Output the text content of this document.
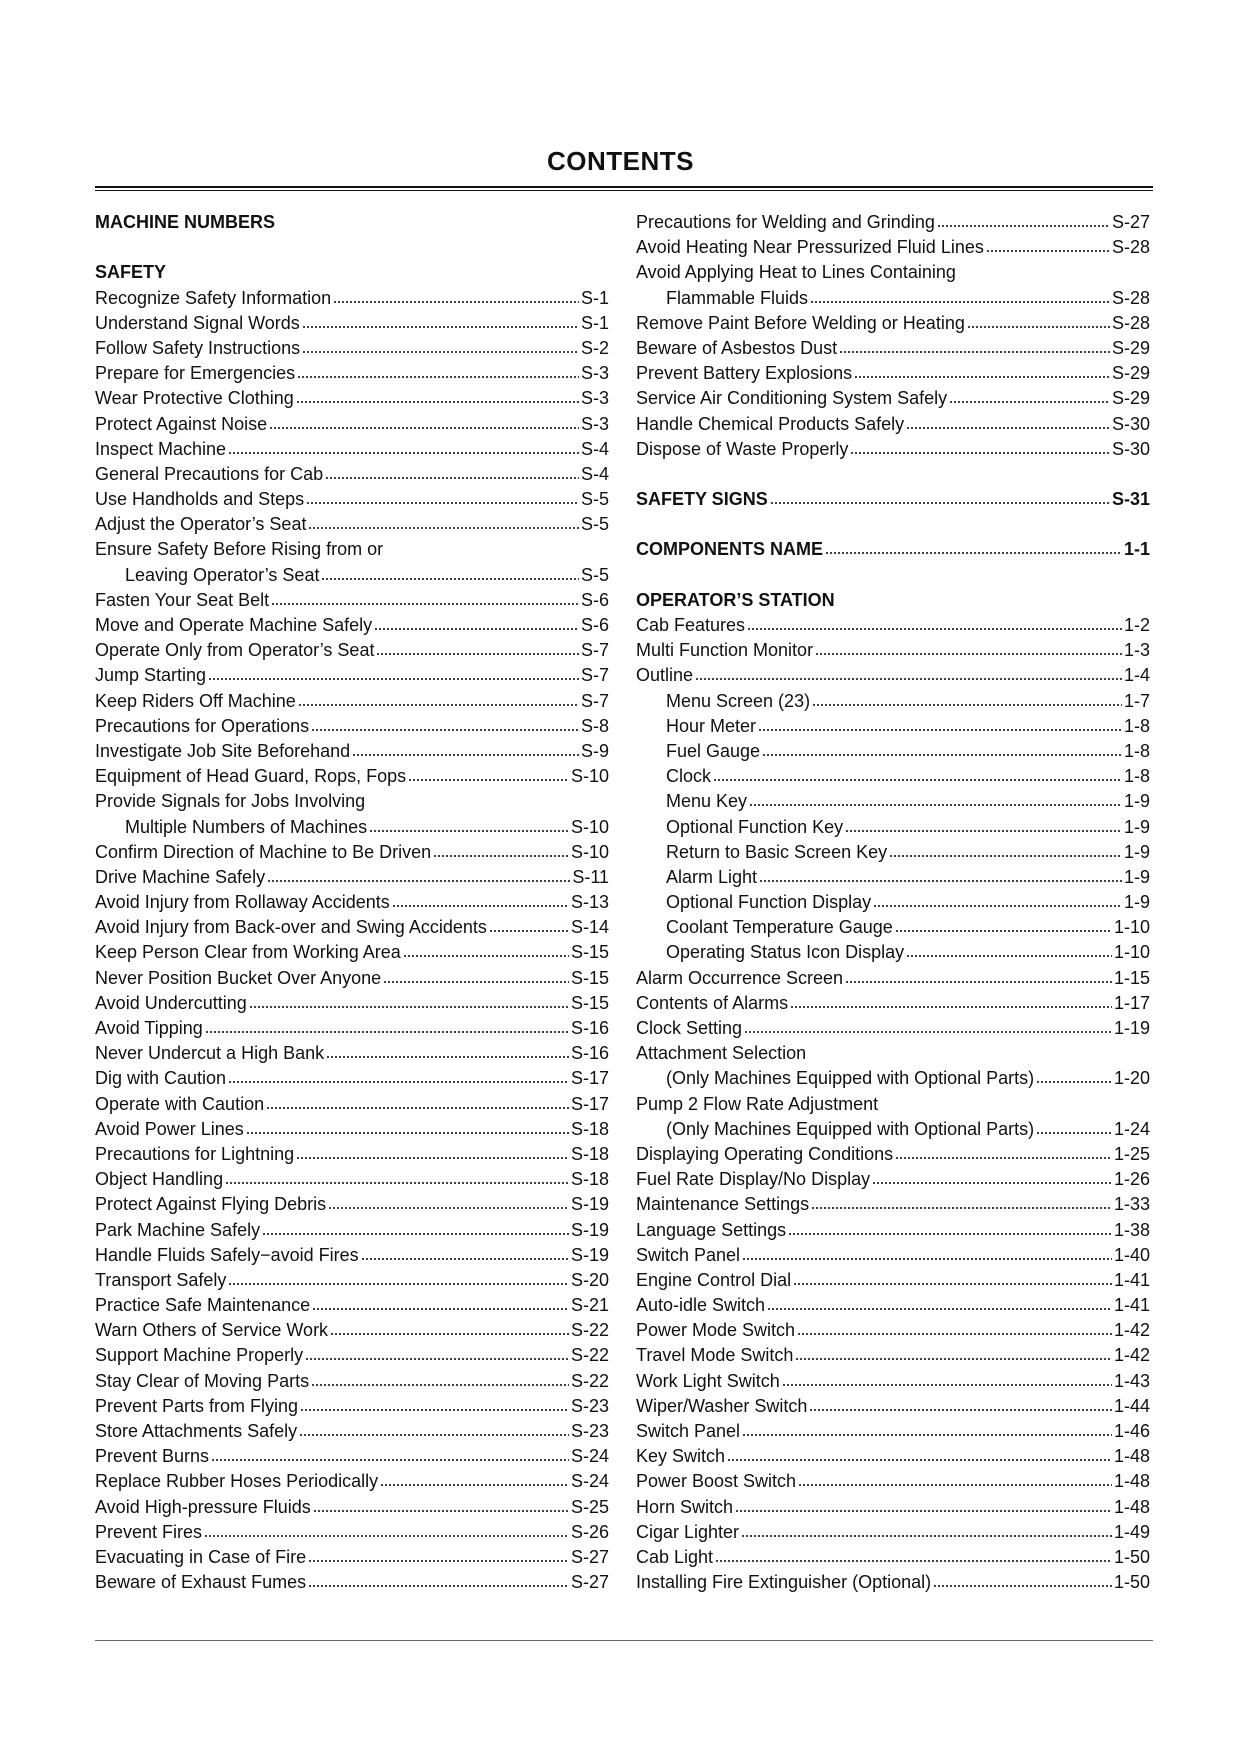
CONTENTS
MACHINE NUMBERS
SAFETY
Recognize Safety Information	S-1
Understand Signal Words	S-1
Follow Safety Instructions	S-2
Prepare for Emergencies	S-3
Wear Protective Clothing	S-3
Protect Against Noise	S-3
Inspect Machine	S-4
General Precautions for Cab	S-4
Use Handholds and Steps	S-5
Adjust the Operator’s Seat	S-5
Ensure Safety Before Rising from or
Leaving Operator’s Seat	S-5
Fasten Your Seat Belt	S-6
Move and Operate Machine Safely	S-6
Operate Only from Operator’s Seat	S-7
Jump Starting	S-7
Keep Riders Off Machine	S-7
Precautions for Operations	S-8
Investigate Job Site Beforehand	S-9
Equipment of Head Guard, Rops, Fops	S-10
Provide Signals for Jobs Involving
Multiple Numbers of Machines	S-10
Confirm Direction of Machine to Be Driven	S-10
Drive Machine Safely	S-11
Avoid Injury from Rollaway Accidents	S-13
Avoid Injury from Back-over and Swing Accidents	S-14
Keep Person Clear from Working Area	S-15
Never Position Bucket Over Anyone	S-15
Avoid Undercutting	S-15
Avoid Tipping	S-16
Never Undercut a High Bank	S-16
Dig with Caution	S-17
Operate with Caution	S-17
Avoid Power Lines	S-18
Precautions for Lightning	S-18
Object Handling	S-18
Protect Against Flying Debris	S-19
Park Machine Safely	S-19
Handle Fluids Safely−avoid Fires	S-19
Transport Safely	S-20
Practice Safe Maintenance	S-21
Warn Others of Service Work	S-22
Support Machine Properly	S-22
Stay Clear of Moving Parts	S-22
Prevent Parts from Flying	S-23
Store Attachments Safely	S-23
Prevent Burns	S-24
Replace Rubber Hoses Periodically	S-24
Avoid High-pressure Fluids	S-25
Prevent Fires	S-26
Evacuating in Case of Fire	S-27
Beware of Exhaust Fumes	S-27
Precautions for Welding and Grinding	S-27
Avoid Heating Near Pressurized Fluid Lines	S-28
Avoid Applying Heat to Lines Containing
Flammable Fluids	S-28
Remove Paint Before Welding or Heating	S-28
Beware of Asbestos Dust	S-29
Prevent Battery Explosions	S-29
Service Air Conditioning System Safely	S-29
Handle Chemical Products Safely	S-30
Dispose of Waste Properly	S-30
SAFETY SIGNS	S-31
COMPONENTS NAME	1-1
OPERATOR’S STATION
Cab Features	1-2
Multi Function Monitor	1-3
Outline	1-4
Menu Screen (23)	1-7
Hour Meter	1-8
Fuel Gauge	1-8
Clock	1-8
Menu Key	1-9
Optional Function Key	1-9
Return to Basic Screen Key	1-9
Alarm Light	1-9
Optional Function Display	1-9
Coolant Temperature Gauge	1-10
Operating Status Icon Display	1-10
Alarm Occurrence Screen	1-15
Contents of Alarms	1-17
Clock Setting	1-19
Attachment Selection
(Only Machines Equipped with Optional Parts)	1-20
Pump 2 Flow Rate Adjustment
(Only Machines Equipped with Optional Parts)	1-24
Displaying Operating Conditions	1-25
Fuel Rate Display/No Display	1-26
Maintenance Settings	1-33
Language Settings	1-38
Switch Panel	1-40
Engine Control Dial	1-41
Auto-idle Switch	1-41
Power Mode Switch	1-42
Travel Mode Switch	1-42
Work Light Switch	1-43
Wiper/Washer Switch	1-44
Switch Panel	1-46
Key Switch	1-48
Power Boost Switch	1-48
Horn Switch	1-48
Cigar Lighter	1-49
Cab Light	1-50
Installing Fire Extinguisher (Optional)	1-50
